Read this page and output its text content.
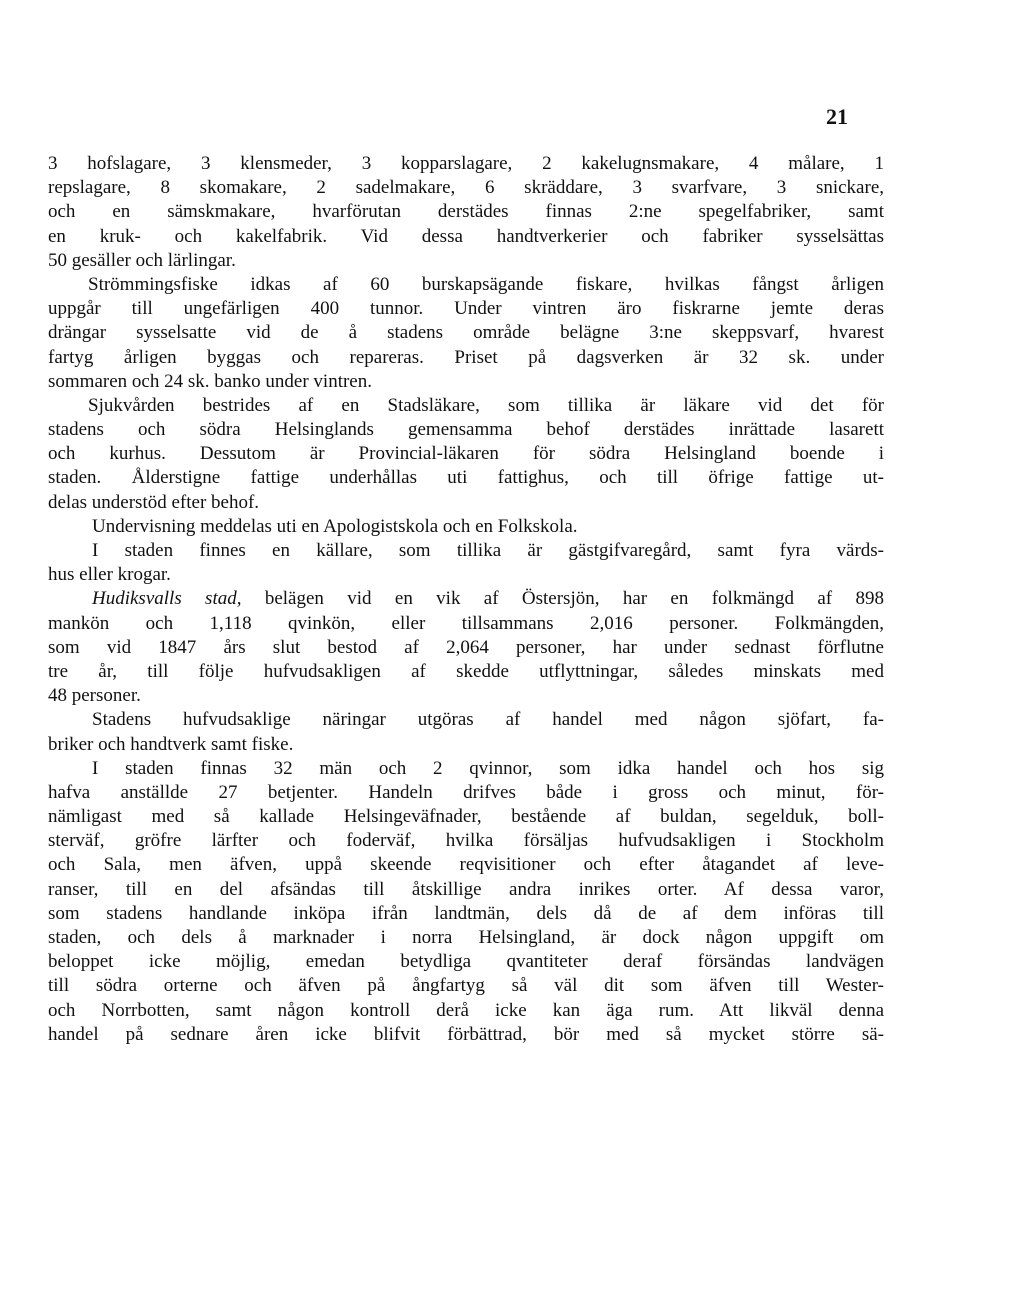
21
3 hofslagare, 3 klensmeder, 3 kopparslagare, 2 kakelugnsmakare, 4 målare, 1
repslagare, 8 skomakare, 2 sadelmakare, 6 skräddare, 3 svarfvare, 3 snickare,
och en sämskmakare, hvarförutan derstädes finnas 2:ne spegelfabriker, samt
en kruk- och kakelfabrik. Vid dessa handtverkerier och fabriker sysselsättas
50 gesäller och lärlingar.
Strömmingsfiske idkas af 60 burskapsägande fiskare, hvilkas fångst årligen
uppgår till ungefärligen 400 tunnor. Under vintren äro fiskrarne jemte deras
drängar sysselsatte vid de å stadens område belägne 3:ne skeppsvarf, hvarest
fartyg årligen byggas och repareras. Priset på dagsverken är 32 sk. under
sommaren och 24 sk. banko under vintren.
Sjukvården bestrides af en Stadsläkare, som tillika är läkare vid det för
stadens och södra Helsinglands gemensamma behof derstädes inrättade lasarett
och kurhus. Dessutom är Provincial-läkaren för södra Helsingland boende i
staden. Ålderstigne fattige underhållas uti fattighus, och till öfrige fattige ut-
delas understöd efter behof.
Undervisning meddelas uti en Apologistskola och en Folkskola.
I staden finnes en källare, som tillika är gästgifvaregård, samt fyra värds-
hus eller krogar.
Hudiksvalls stad, belägen vid en vik af Östersjön, har en folkmängd af 898
mankön och 1,118 qvinkön, eller tillsammans 2,016 personer. Folkmängden,
som vid 1847 års slut bestod af 2,064 personer, har under sednast förflutne
tre år, till följe hufvudsakligen af skedde utflyttningar, således minskats med
48 personer.
Stadens hufvudsaklige näringar utgöras af handel med någon sjöfart, fa-
briker och handtverk samt fiske.
I staden finnas 32 män och 2 qvinnor, som idka handel och hos sig
hafva anställde 27 betjenter. Handeln drifves både i gross och minut, för-
nämligast med så kallade Helsingeväfnader, bestående af buldan, segelduk, boll-
sterväf, gröfre lärfter och foderväf, hvilka försäljas hufvudsakligen i Stockholm
och Sala, men äfven, uppå skeende reqvisitioner och efter åtagandet af leve-
ranser, till en del afsändas till åtskillige andra inrikes orter. Af dessa varor,
som stadens handlande inköpa ifrån landtmän, dels då de af dem införas till
staden, och dels å marknader i norra Helsingland, är dock någon uppgift om
beloppet icke möjlig, emedan betydliga qvantiteter deraf försändas landvägen
till södra orterne och äfven på ångfartyg så väl dit som äfven till Wester-
och Norrbotten, samt någon kontroll derå icke kan äga rum. Att likväl denna
handel på sednare åren icke blifvit förbättrad, bör med så mycket större sä-
